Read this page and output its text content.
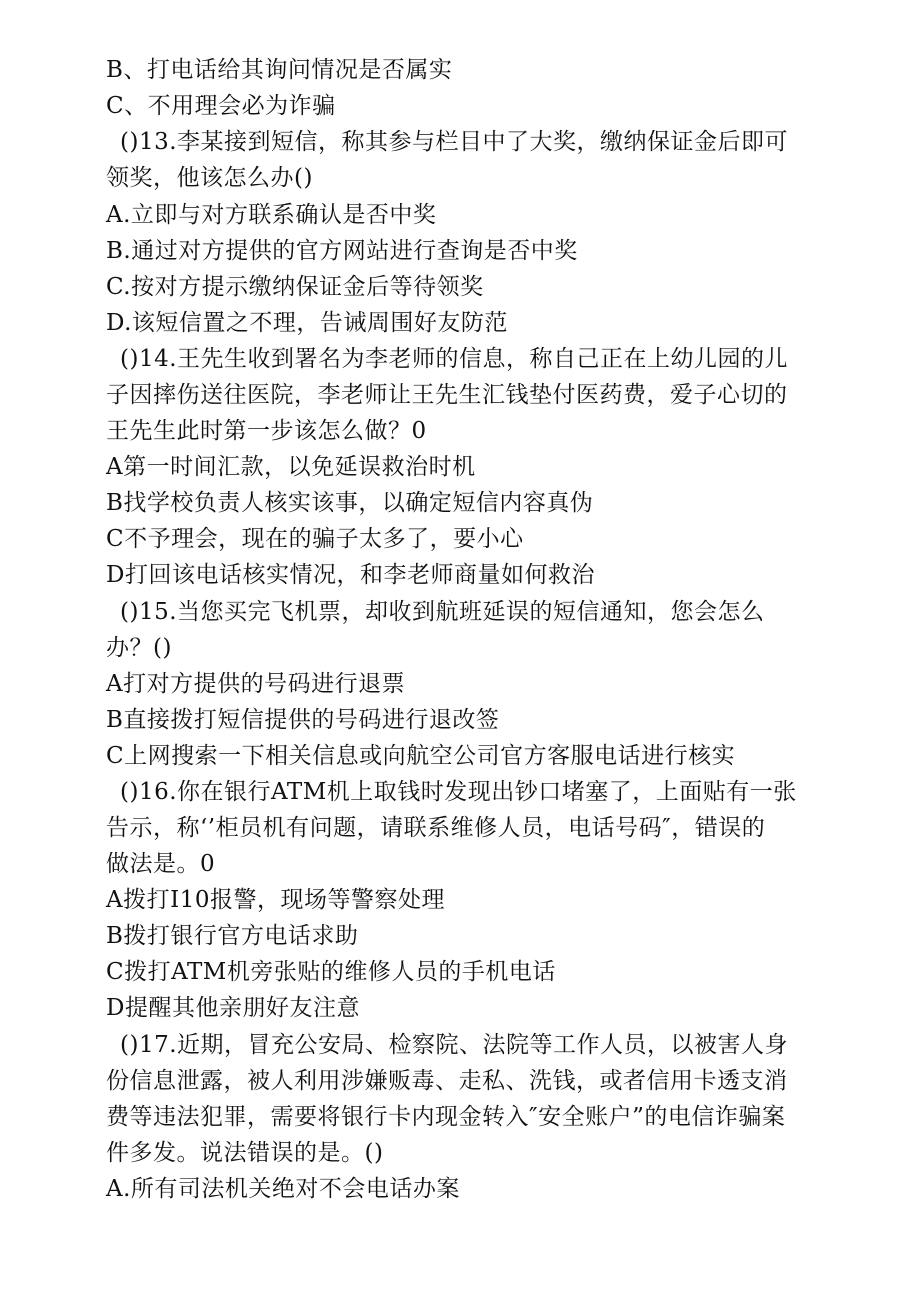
B、打电话给其询问情况是否属实
C、不用理会必为诈骗
()13.李某接到短信，称其参与栏目中了大奖，缴纳保证金后即可
领奖，他该怎么办()
A.立即与对方联系确认是否中奖
B.通过对方提供的官方网站进行查询是否中奖
C.按对方提示缴纳保证金后等待领奖
D.该短信置之不理，告诫周围好友防范
()14.王先生收到署名为李老师的信息，称自己正在上幼儿园的儿
子因摔伤送往医院，李老师让王先生汇钱垫付医药费，爱子心切的
王先生此时第一步该怎么做？0
A第一时间汇款，以免延误救治时机
B找学校负责人核实该事，以确定短信内容真伪
C不予理会，现在的骗子太多了，要小心
D打回该电话核实情况，和李老师商量如何救治
()15.当您买完飞机票，却收到航班延误的短信通知，您会怎么
办？()
A打对方提供的号码进行退票
B直接拨打短信提供的号码进行退改签
C上网搜索一下相关信息或向航空公司官方客服电话进行核实
()16.你在银行ATM机上取钱时发现出钞口堵塞了，上面贴有一张
告示，称‘’柜员机有问题，请联系维修人员，电话号码″，错误的
做法是。0
A拨打I10报警，现场等警察处理
B拨打银行官方电话求助
C拨打ATM机旁张贴的维修人员的手机电话
D提醒其他亲朋好友注意
()17.近期，冒充公安局、检察院、法院等工作人员，以被害人身
份信息泄露，被人利用涉嫌贩毒、走私、洗钱，或者信用卡透支消
费等违法犯罪，需要将银行卡内现金转入″安全账户”的电信诈骗案
件多发。说法错误的是。()
A.所有司法机关绝对不会电话办案
